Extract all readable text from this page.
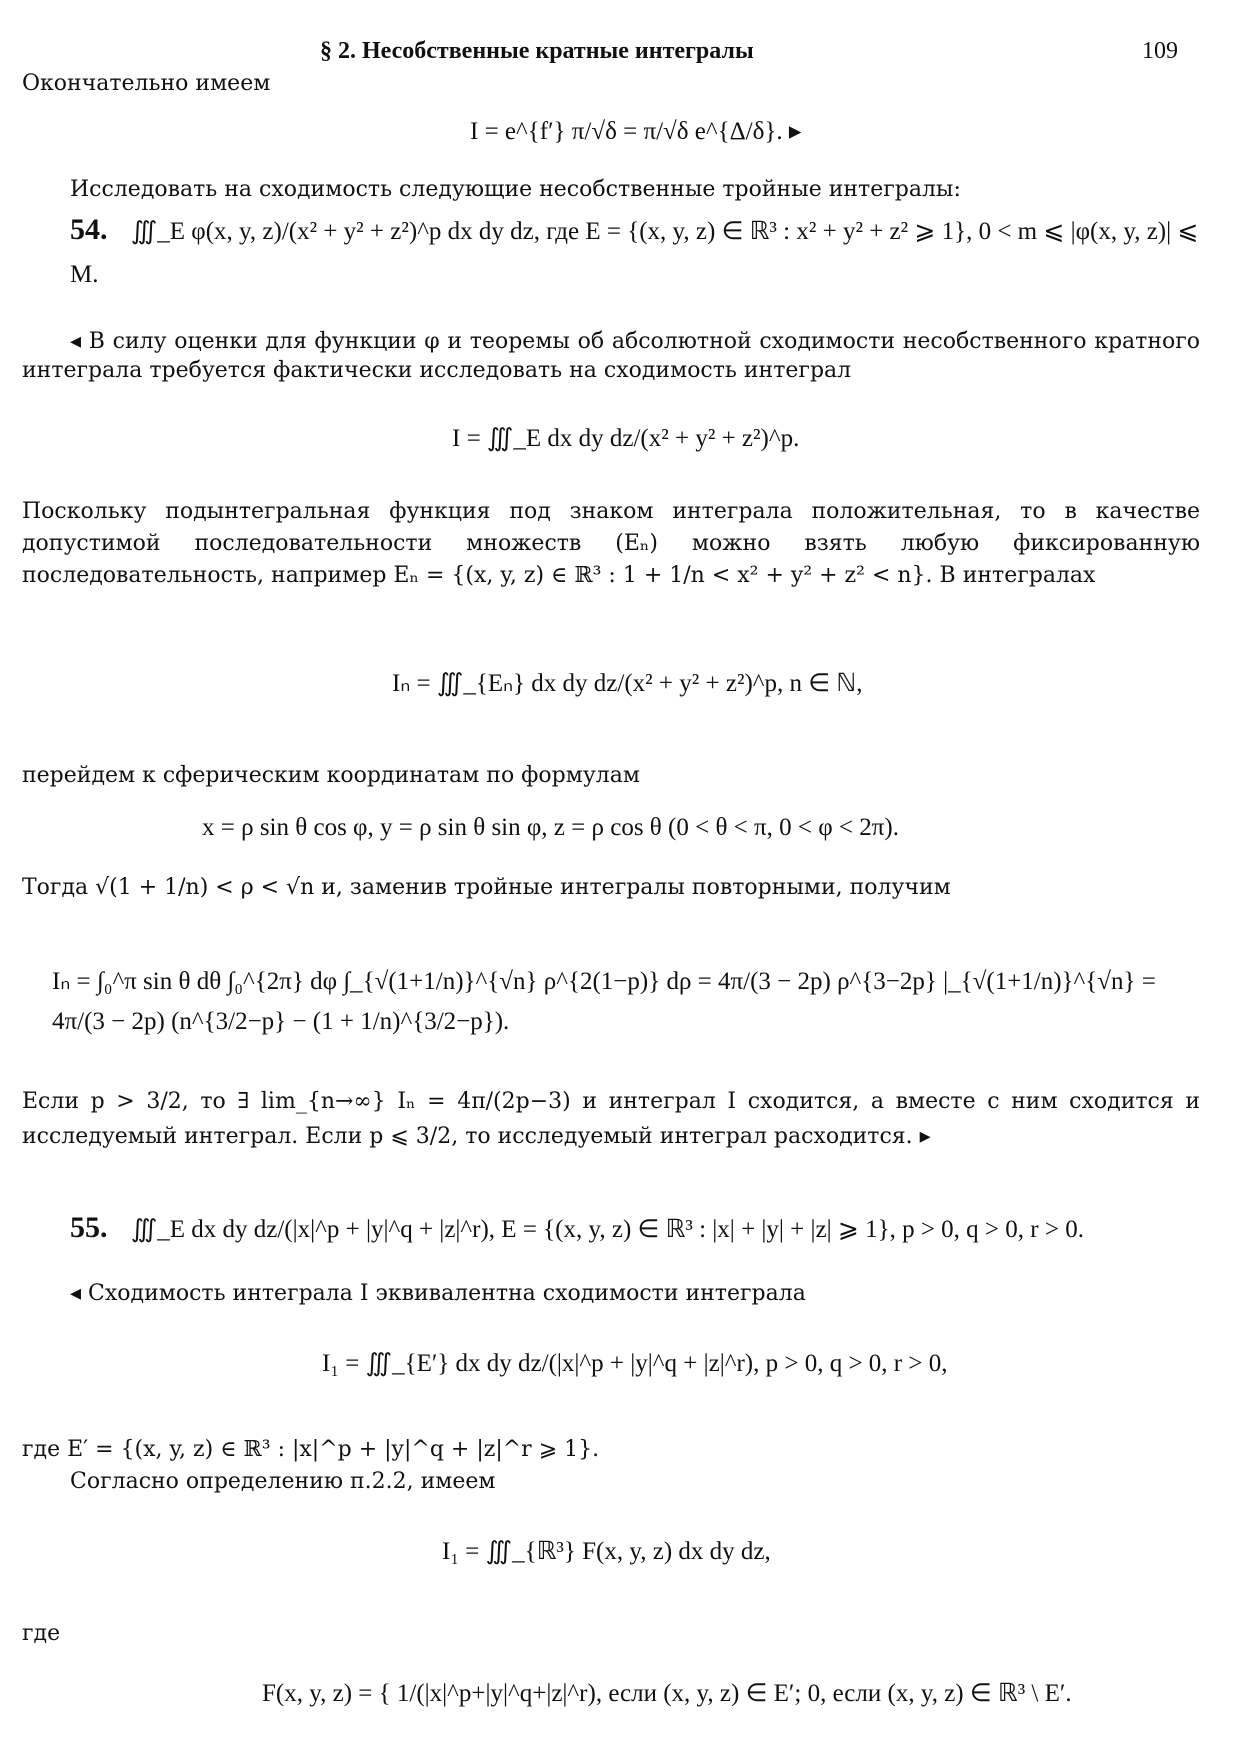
§ 2. Несобственные кратные интегралы	109
Окончательно имеем
I = e^{f′} π/√δ = π/√δ e^{Δ/δ}. ▸
Исследовать на сходимость следующие несобственные тройные интегралы:
54. ∭_E φ(x, y, z)/(x² + y² + z²)^p dx dy dz, где E = {(x, y, z) ∈ ℝ³ : x² + y² + z² ⩾ 1}, 0 < m ⩽ |φ(x, y, z)| ⩽ M.
◂ В силу оценки для функции φ и теоремы об абсолютной сходимости несобственного кратного интеграла требуется фактически исследовать на сходимость интеграл
I = ∭_E dx dy dz/(x² + y² + z²)^p.
Поскольку подынтегральная функция под знаком интеграла положительная, то в качестве допустимой последовательности множеств (Eₙ) можно взять любую фиксированную последовательность, например Eₙ = {(x, y, z) ∈ ℝ³ : 1 + 1/n < x² + y² + z² < n}. В интегралах
Iₙ = ∭_{Eₙ} dx dy dz/(x² + y² + z²)^p, n ∈ ℕ,
перейдем к сферическим координатам по формулам
x = ρ sin θ cos φ, y = ρ sin θ sin φ, z = ρ cos θ (0 < θ < π, 0 < φ < 2π).
Тогда √(1 + 1/n) < ρ < √n и, заменив тройные интегралы повторными, получим
Iₙ = ∫₀^π sin θ dθ ∫₀^{2π} dφ ∫_{√(1+1/n)}^{√n} ρ^{2(1−p)} dρ = 4π/(3 − 2p) ρ^{3−2p} |_{√(1+1/n)}^{√n} = 4π/(3 − 2p) (n^{3/2−p} − (1 + 1/n)^{3/2−p}).
Если p > 3/2, то ∃ lim_{n→∞} Iₙ = 4π/(2p−3) и интеграл I сходится, а вместе с ним сходится и исследуемый интеграл. Если p ⩽ 3/2, то исследуемый интеграл расходится. ▸
55. ∭_E dx dy dz/(|x|^p + |y|^q + |z|^r), E = {(x, y, z) ∈ ℝ³ : |x| + |y| + |z| ⩾ 1}, p > 0, q > 0, r > 0.
◂ Сходимость интеграла I эквивалентна сходимости интеграла
I₁ = ∭_{E′} dx dy dz/(|x|^p + |y|^q + |z|^r), p > 0, q > 0, r > 0,
где E′ = {(x, y, z) ∈ ℝ³ : |x|^p + |y|^q + |z|^r ⩾ 1}.
Согласно определению п.2.2, имеем
I₁ = ∭_{ℝ³} F(x, y, z) dx dy dz,
где
F(x, y, z) = { 1/(|x|^p+|y|^q+|z|^r), если (x, y, z) ∈ E′; 0, если (x, y, z) ∈ ℝ³ \ E′.
